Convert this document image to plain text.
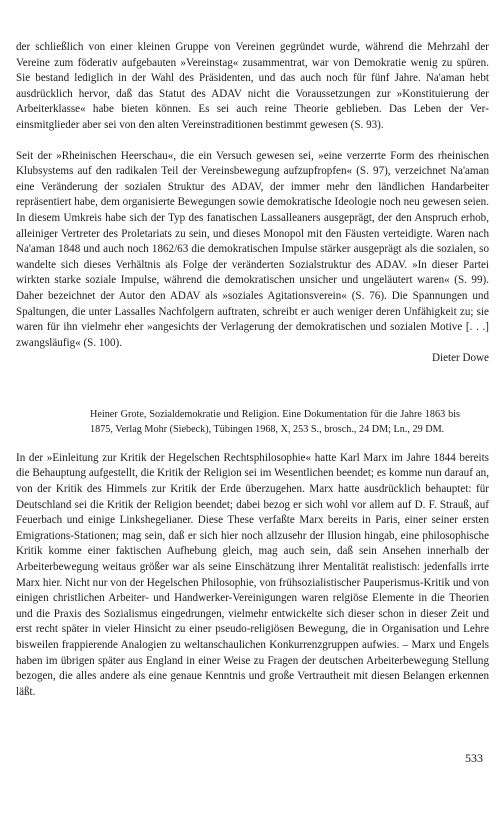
der schließlich von einer kleinen Gruppe von Vereinen gegründet wurde, während die Mehrzahl der Vereine zum föderativ aufgebauten »Vereinstag« zusammentrat, war von Demokratie wenig zu spüren. Sie bestand lediglich in der Wahl des Präsidenten, und das auch noch für fünf Jahre. Na'aman hebt ausdrücklich hervor, daß das Statut des ADAV nicht die Voraussetzungen zur »Konstituierung der Arbeiterklasse« habe bieten können. Es sei auch reine Theorie geblieben. Das Leben der Vereinsmitglieder aber sei von den alten Vereinstraditionen bestimmt gewesen (S. 93).

Seit der »Rheinischen Heerschau«, die ein Versuch gewesen sei, »eine verzerrte Form des rheinischen Klubsystems auf den radikalen Teil der Vereinsbewegung aufzupfropfen« (S. 97), verzeichnet Na'aman eine Veränderung der sozialen Struktur des ADAV, der immer mehr den ländlichen Handarbeiter repräsentiert habe, dem organisierte Bewegungen sowie demokratische Ideologie noch neu gewesen seien. In diesem Umkreis habe sich der Typ des fanatischen Lassalleaners ausgeprägt, der den Anspruch erhob, alleiniger Vertreter des Proletariats zu sein, und dieses Monopol mit den Fäusten verteidigte. Waren nach Na'aman 1848 und auch noch 1862/63 die demokratischen Impulse stärker ausgeprägt als die sozialen, so wandelte sich dieses Verhältnis als Folge der veränderten Sozialstruktur des ADAV. »In dieser Partei wirkten starke soziale Impulse, während die demokratischen unsicher und ungeläutert waren« (S. 99). Daher bezeichnet der Autor den ADAV als »soziales Agitationsverein« (S. 76). Die Spannungen und Spaltungen, die unter Lassalles Nachfolgern auftraten, schreibt er auch weniger deren Unfähigkeit zu; sie waren für ihn vielmehr eher »angesichts der Verlagerung der demokratischen und sozialen Motive [. . .] zwangsläufig« (S. 100).

Dieter Dowe

Heiner Grote, Sozialdemokratie und Religion. Eine Dokumentation für die Jahre 1863 bis 1875, Verlag Mohr (Siebeck), Tübingen 1968, X, 253 S., brosch., 24 DM; Ln., 29 DM.

In der »Einleitung zur Kritik der Hegelschen Rechtsphilosophie« hatte Karl Marx im Jahre 1844 bereits die Behauptung aufgestellt, die Kritik der Religion sei im Wesentlichen beendet; es komme nun darauf an, von der Kritik des Himmels zur Kritik der Erde überzugehen. Marx hatte ausdrücklich behauptet: für Deutschland sei die Kritik der Religion beendet; dabei bezog er sich wohl vor allem auf D. F. Strauß, auf Feuerbach und einige Linkshegelianer. Diese These verfaßte Marx bereits in Paris, einer seiner ersten Emigrations-Stationen; mag sein, daß er sich hier noch allzusehr der Illusion hingab, eine philosophische Kritik komme einer faktischen Aufhebung gleich, mag auch sein, daß sein Ansehen innerhalb der Arbeiterbewegung weitaus größer war als seine Einschätzung ihrer Mentalität realistisch: jedenfalls irrte Marx hier. Nicht nur von der Hegelschen Philosophie, von frühsozialistischer Pauperismus-Kritik und von einigen christlichen Arbeiter- und Handwerker-Vereinigungen waren relgiöse Elemente in die Theorien und die Praxis des Sozialismus eingedrungen, vielmehr entwickelte sich dieser schon in dieser Zeit und erst recht später in vieler Hinsicht zu einer pseudo-religiösen Bewegung, die in Organisation und Lehre bisweilen frappierende Analogien zu weltanschaulichen Konkurrenzgruppen aufwies. – Marx und Engels haben im übrigen später aus England in einer Weise zu Fragen der deutschen Arbeiterbewegung Stellung bezogen, die alles andere als eine genaue Kenntnis und große Vertrautheit mit diesen Belangen erkennen läßt.

533
